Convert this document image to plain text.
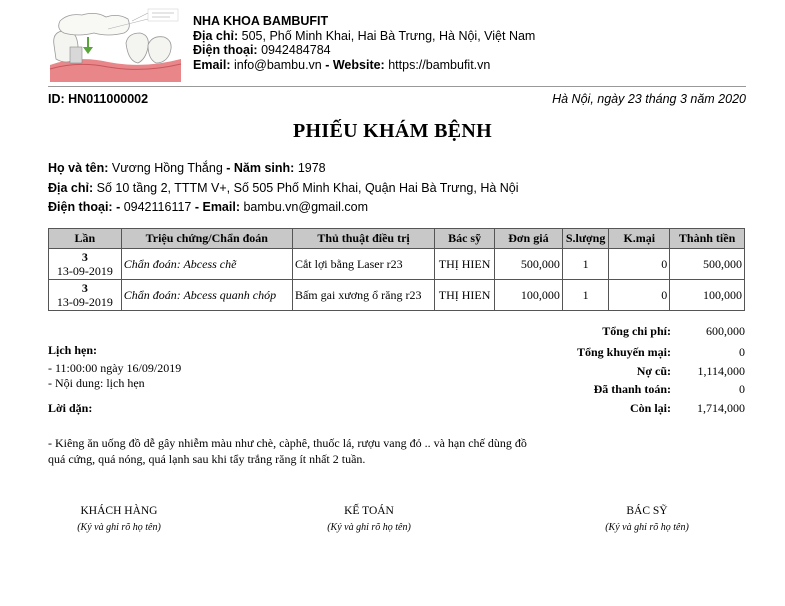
NHA KHOA BAMBUFIT
Địa chỉ: 505, Phố Minh Khai, Hai Bà Trưng, Hà Nội, Việt Nam
Điện thoại: 0942484784
Email: info@bambu.vn - Website: https://bambufit.vn
ID: HN011000002	Hà Nội, ngày 23 tháng 3 năm 2020
PHIẾU KHÁM BỆNH
Họ và tên: Vương Hồng Thắng - Năm sinh: 1978
Địa chỉ: Số 10 tầng 2, TTTM V+, Số 505 Phố Minh Khai, Quận Hai Bà Trưng, Hà Nội
Điện thoại: - 0942116117 - Email: bambu.vn@gmail.com
Lần	Triệu chứng/Chẩn đoán	Thủ thuật điều trị	Bác sỹ	Đơn giá	S.lượng	K.mại	Thành tiền
3
13-09-2019	Chẩn đoán: Abcess chẽ	Cắt lợi bằng Laser r23	THỊ HIEN	500,000	1	0	500,000
3
13-09-2019	Chẩn đoán: Abcess quanh chóp	Bấm gai xương ổ răng r23	THỊ HIEN	100,000	1	0	100,000
Tổng chi phí:	600,000
Tổng khuyến mại:	0
Nợ cũ: 1,114,000
Đã thanh toán:	0
Còn lại: 1,714,000
Lịch hẹn:
- 11:00:00 ngày 16/09/2019
- Nội dung: lịch hẹn
Lời dặn:
- Kiêng ăn uống đồ dễ gây nhiễm màu như chè, càphê, thuốc lá, rượu vang đỏ .. và hạn chế dùng đồ
quá cứng, quá nóng, quá lạnh sau khi tẩy trắng răng ít nhất 2 tuần.
KHÁCH HÀNG
(Ký và ghi rõ họ tên)
KẾ TOÁN
(Ký và ghi rõ họ tên)
BÁC SỸ
(Ký và ghi rõ họ tên)
